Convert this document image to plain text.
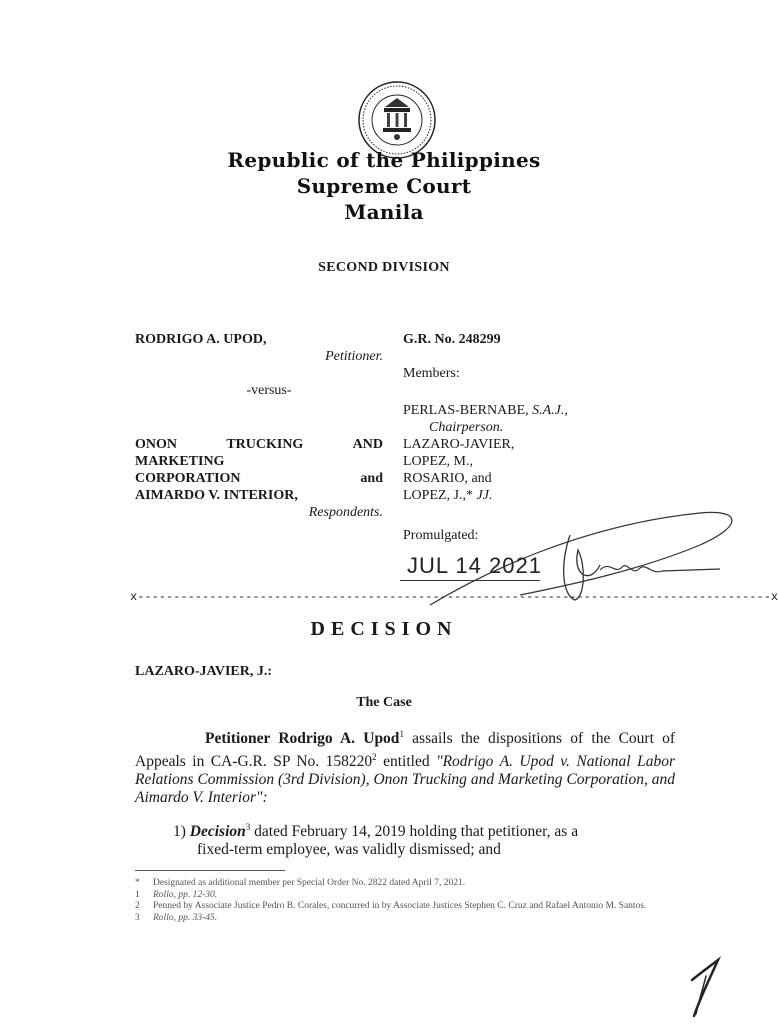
Republic of the Philippines
Supreme Court
Manila
SECOND DIVISION
RODRIGO A. UPOD,
Petitioner.
-versus-
ONON	TRUCKING	AND
MARKETING
CORPORATION	and
AIMARDO V. INTERIOR,
Respondents.
G.R. No. 248299
Members:
PERLAS-BERNABE, S.A.J.,
Chairperson.
LAZARO-JAVIER,
LOPEZ, M.,
ROSARIO, and
LOPEZ, J.,* JJ.
Promulgated:
JUL 14 2021
x----------------------------------------------------------------------------------------x
DECISION
LAZARO-JAVIER, J.:
The Case
Petitioner Rodrigo A. Upod$^1$ assails the dispositions of the Court of Appeals in CA-G.R. SP No. 158220$^2$ entitled "Rodrigo A. Upod v. National Labor Relations Commission (3rd Division), Onon Trucking and Marketing Corporation, and Aimardo V. Interior":
1) Decision$^3$ dated February 14, 2019 holding that petitioner, as a
fixed-term employee, was validly dismissed; and
*	Designated as additional member per Special Order No. 2822 dated April 7, 2021.
1	Rollo, pp. 12-30.
2	Penned by Associate Justice Pedro B. Corales, concurred in by Associate Justices Stephen C. Cruz and Rafael Antonio M. Santos.
3	Rollo, pp. 33-45.
